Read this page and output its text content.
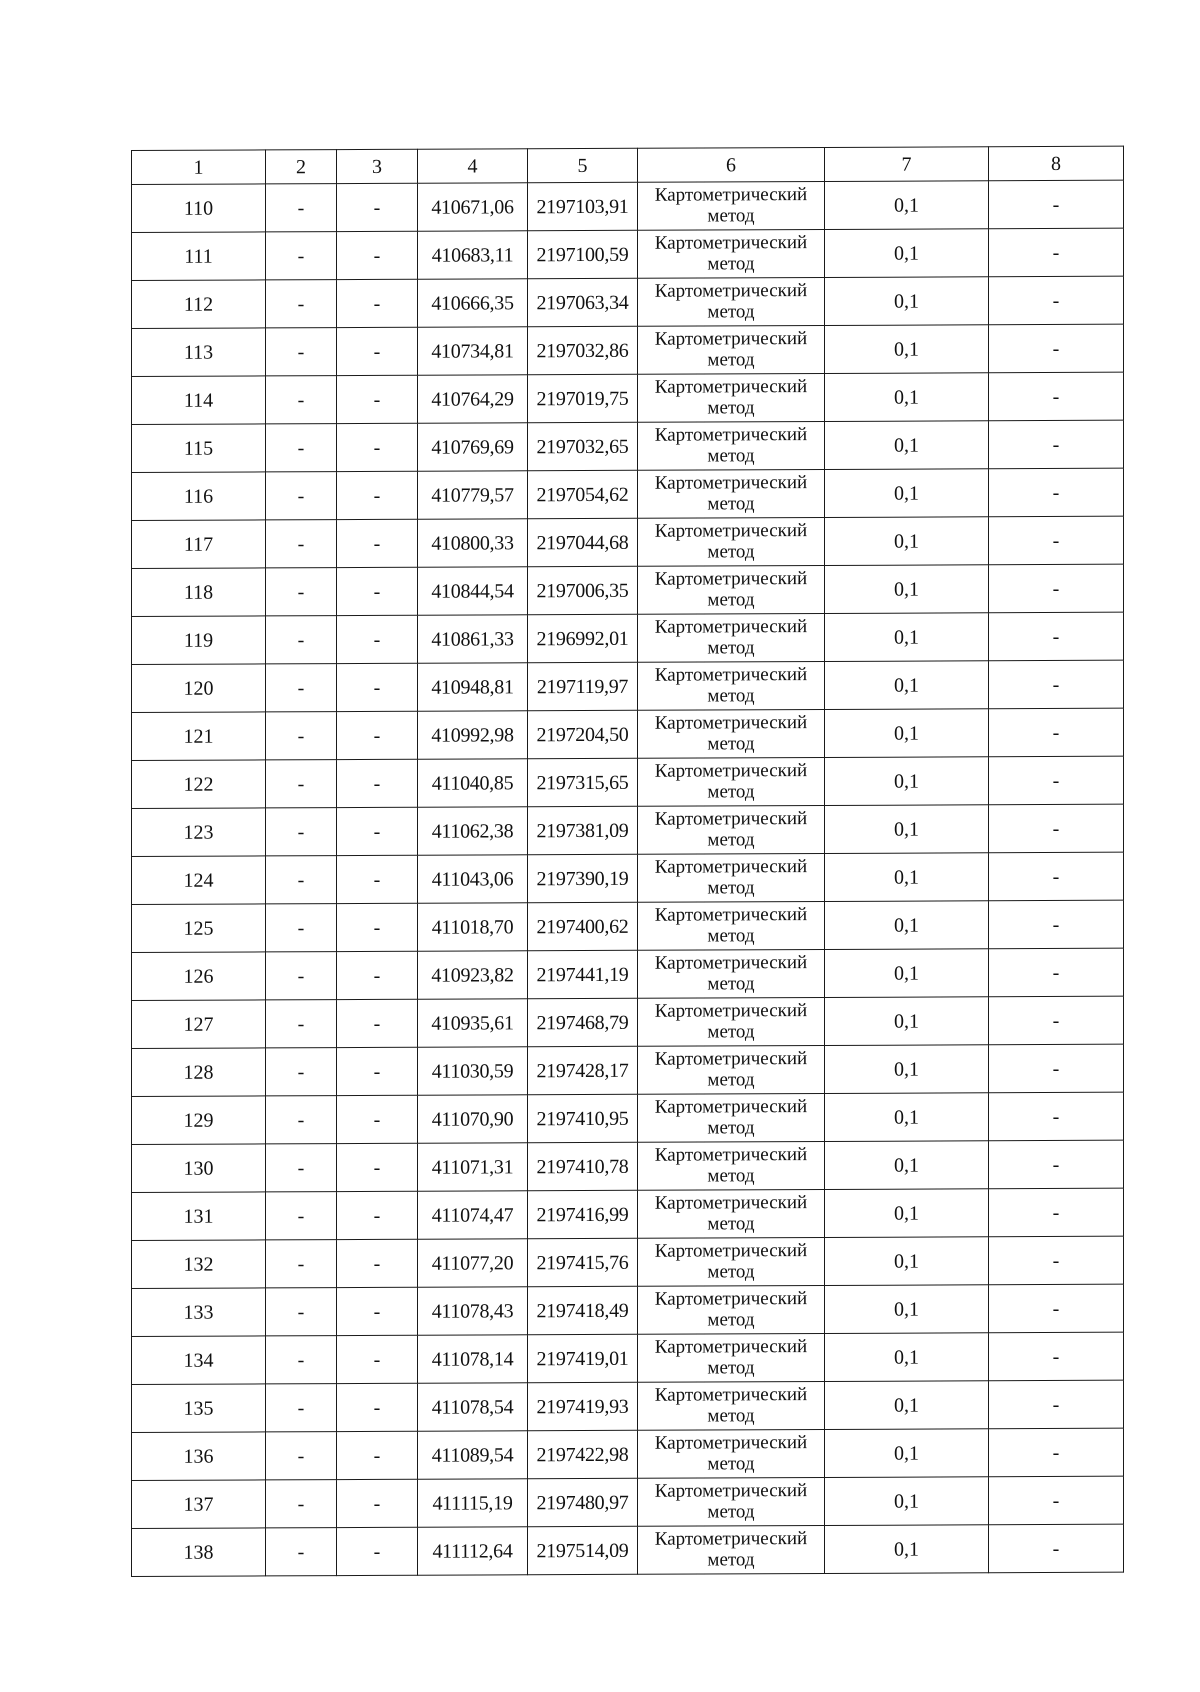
1	2	3	4	5	6	7	8
110	-	-	410671,06	2197103,91	Картометрический метод	0,1	-
111	-	-	410683,11	2197100,59	Картометрический метод	0,1	-
112	-	-	410666,35	2197063,34	Картометрический метод	0,1	-
113	-	-	410734,81	2197032,86	Картометрический метод	0,1	-
114	-	-	410764,29	2197019,75	Картометрический метод	0,1	-
115	-	-	410769,69	2197032,65	Картометрический метод	0,1	-
116	-	-	410779,57	2197054,62	Картометрический метод	0,1	-
117	-	-	410800,33	2197044,68	Картометрический метод	0,1	-
118	-	-	410844,54	2197006,35	Картометрический метод	0,1	-
119	-	-	410861,33	2196992,01	Картометрический метод	0,1	-
120	-	-	410948,81	2197119,97	Картометрический метод	0,1	-
121	-	-	410992,98	2197204,50	Картометрический метод	0,1	-
122	-	-	411040,85	2197315,65	Картометрический метод	0,1	-
123	-	-	411062,38	2197381,09	Картометрический метод	0,1	-
124	-	-	411043,06	2197390,19	Картометрический метод	0,1	-
125	-	-	411018,70	2197400,62	Картометрический метод	0,1	-
126	-	-	410923,82	2197441,19	Картометрический метод	0,1	-
127	-	-	410935,61	2197468,79	Картометрический метод	0,1	-
128	-	-	411030,59	2197428,17	Картометрический метод	0,1	-
129	-	-	411070,90	2197410,95	Картометрический метод	0,1	-
130	-	-	411071,31	2197410,78	Картометрический метод	0,1	-
131	-	-	411074,47	2197416,99	Картометрический метод	0,1	-
132	-	-	411077,20	2197415,76	Картометрический метод	0,1	-
133	-	-	411078,43	2197418,49	Картометрический метод	0,1	-
134	-	-	411078,14	2197419,01	Картометрический метод	0,1	-
135	-	-	411078,54	2197419,93	Картометрический метод	0,1	-
136	-	-	411089,54	2197422,98	Картометрический метод	0,1	-
137	-	-	411115,19	2197480,97	Картометрический метод	0,1	-
138	-	-	411112,64	2197514,09	Картометрический метод	0,1	-
